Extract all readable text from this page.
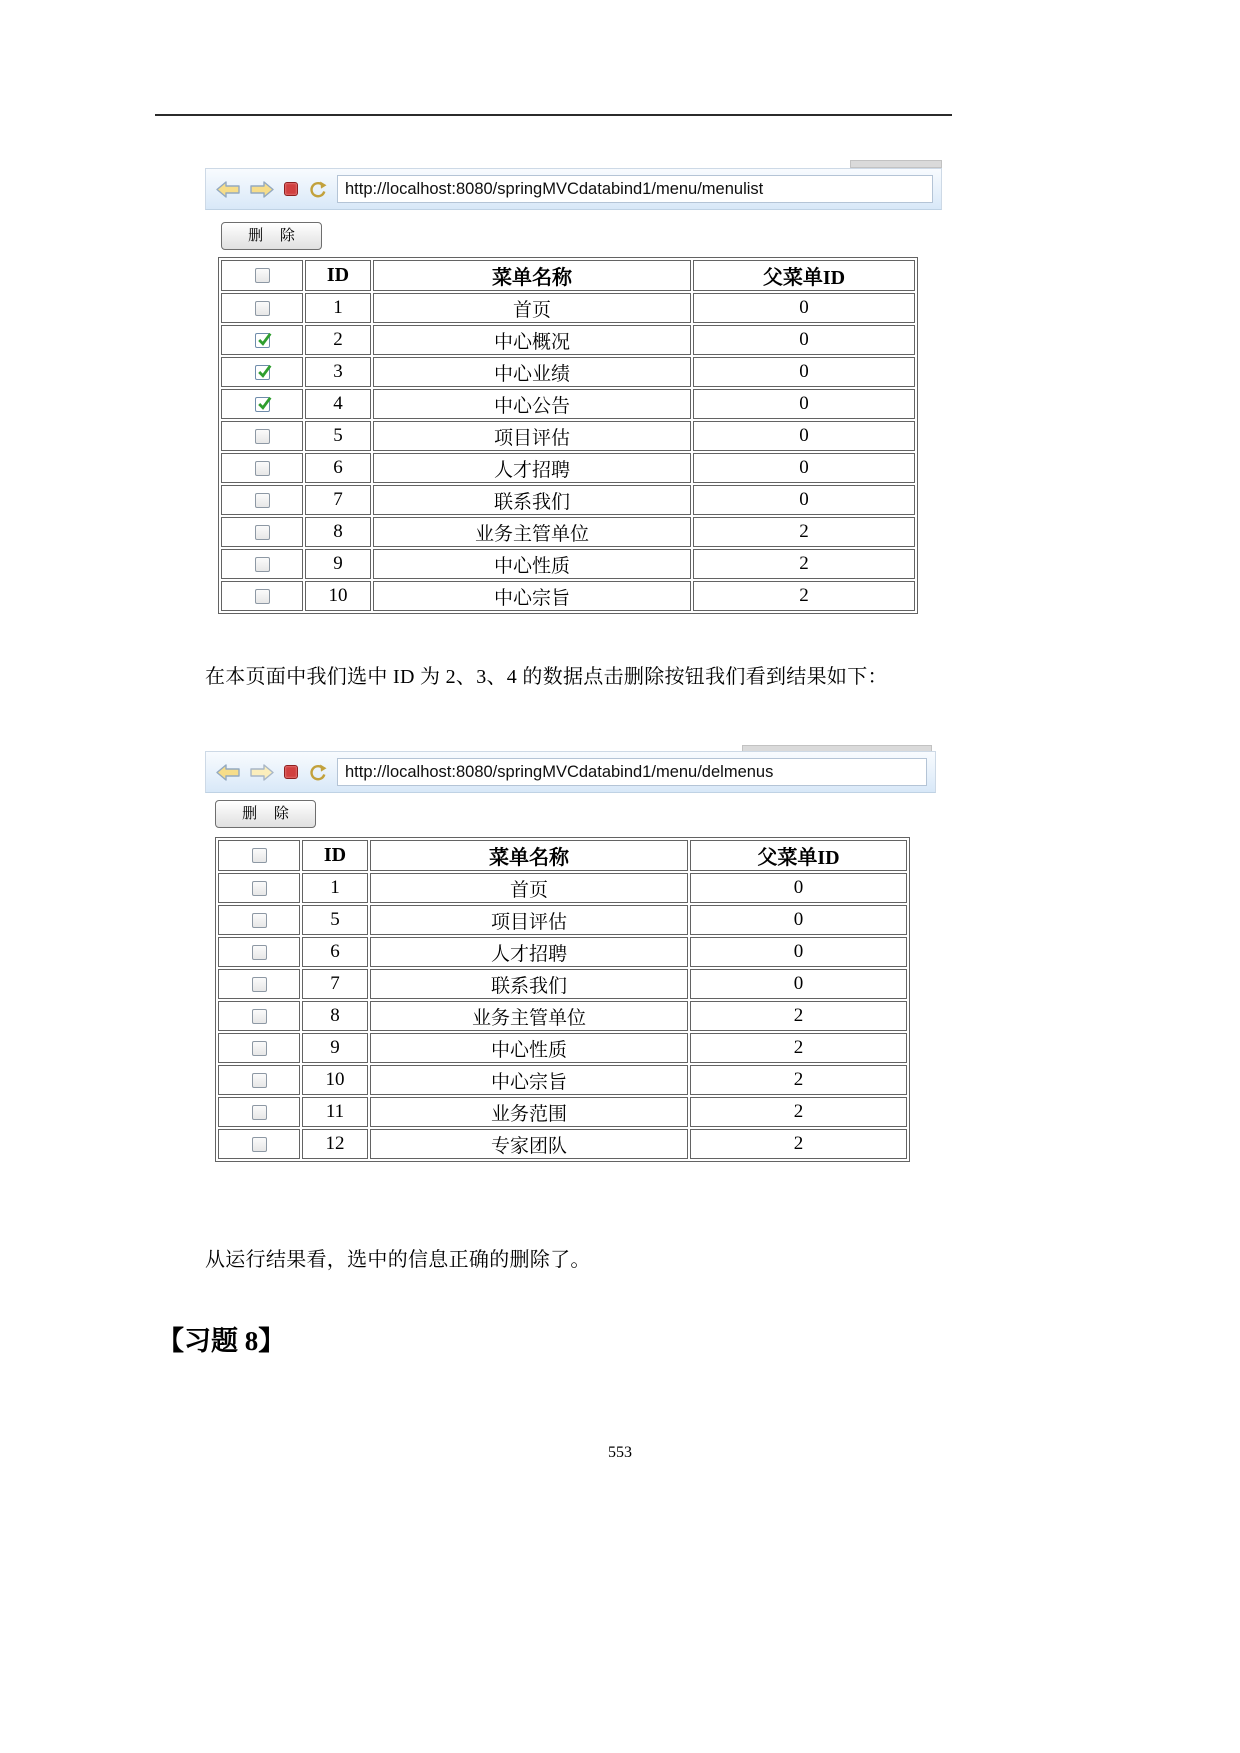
http://localhost:8080/springMVCdatabind1/menu/menulist
删    除
	ID	菜单名称	父菜单ID

	1	首页	0

	2	中心概况	0

	3	中心业绩	0

	4	中心公告	0

	5	项目评估	0

	6	人才招聘	0

	7	联系我们	0

	8	业务主管单位	2

	9	中心性质	2

	10	中心宗旨	2

在本页面中我们选中 ID 为 2、3、4 的数据点击删除按钮我们看到结果如下：

http://localhost:8080/springMVCdatabind1/menu/delmenus
删    除
	ID	菜单名称	父菜单ID

	1	首页	0

	5	项目评估	0

	6	人才招聘	0

	7	联系我们	0

	8	业务主管单位	2

	9	中心性质	2

	10	中心宗旨	2

	11	业务范围	2

	12	专家团队	2

从运行结果看，选中的信息正确的删除了。

【习题 8】
553
